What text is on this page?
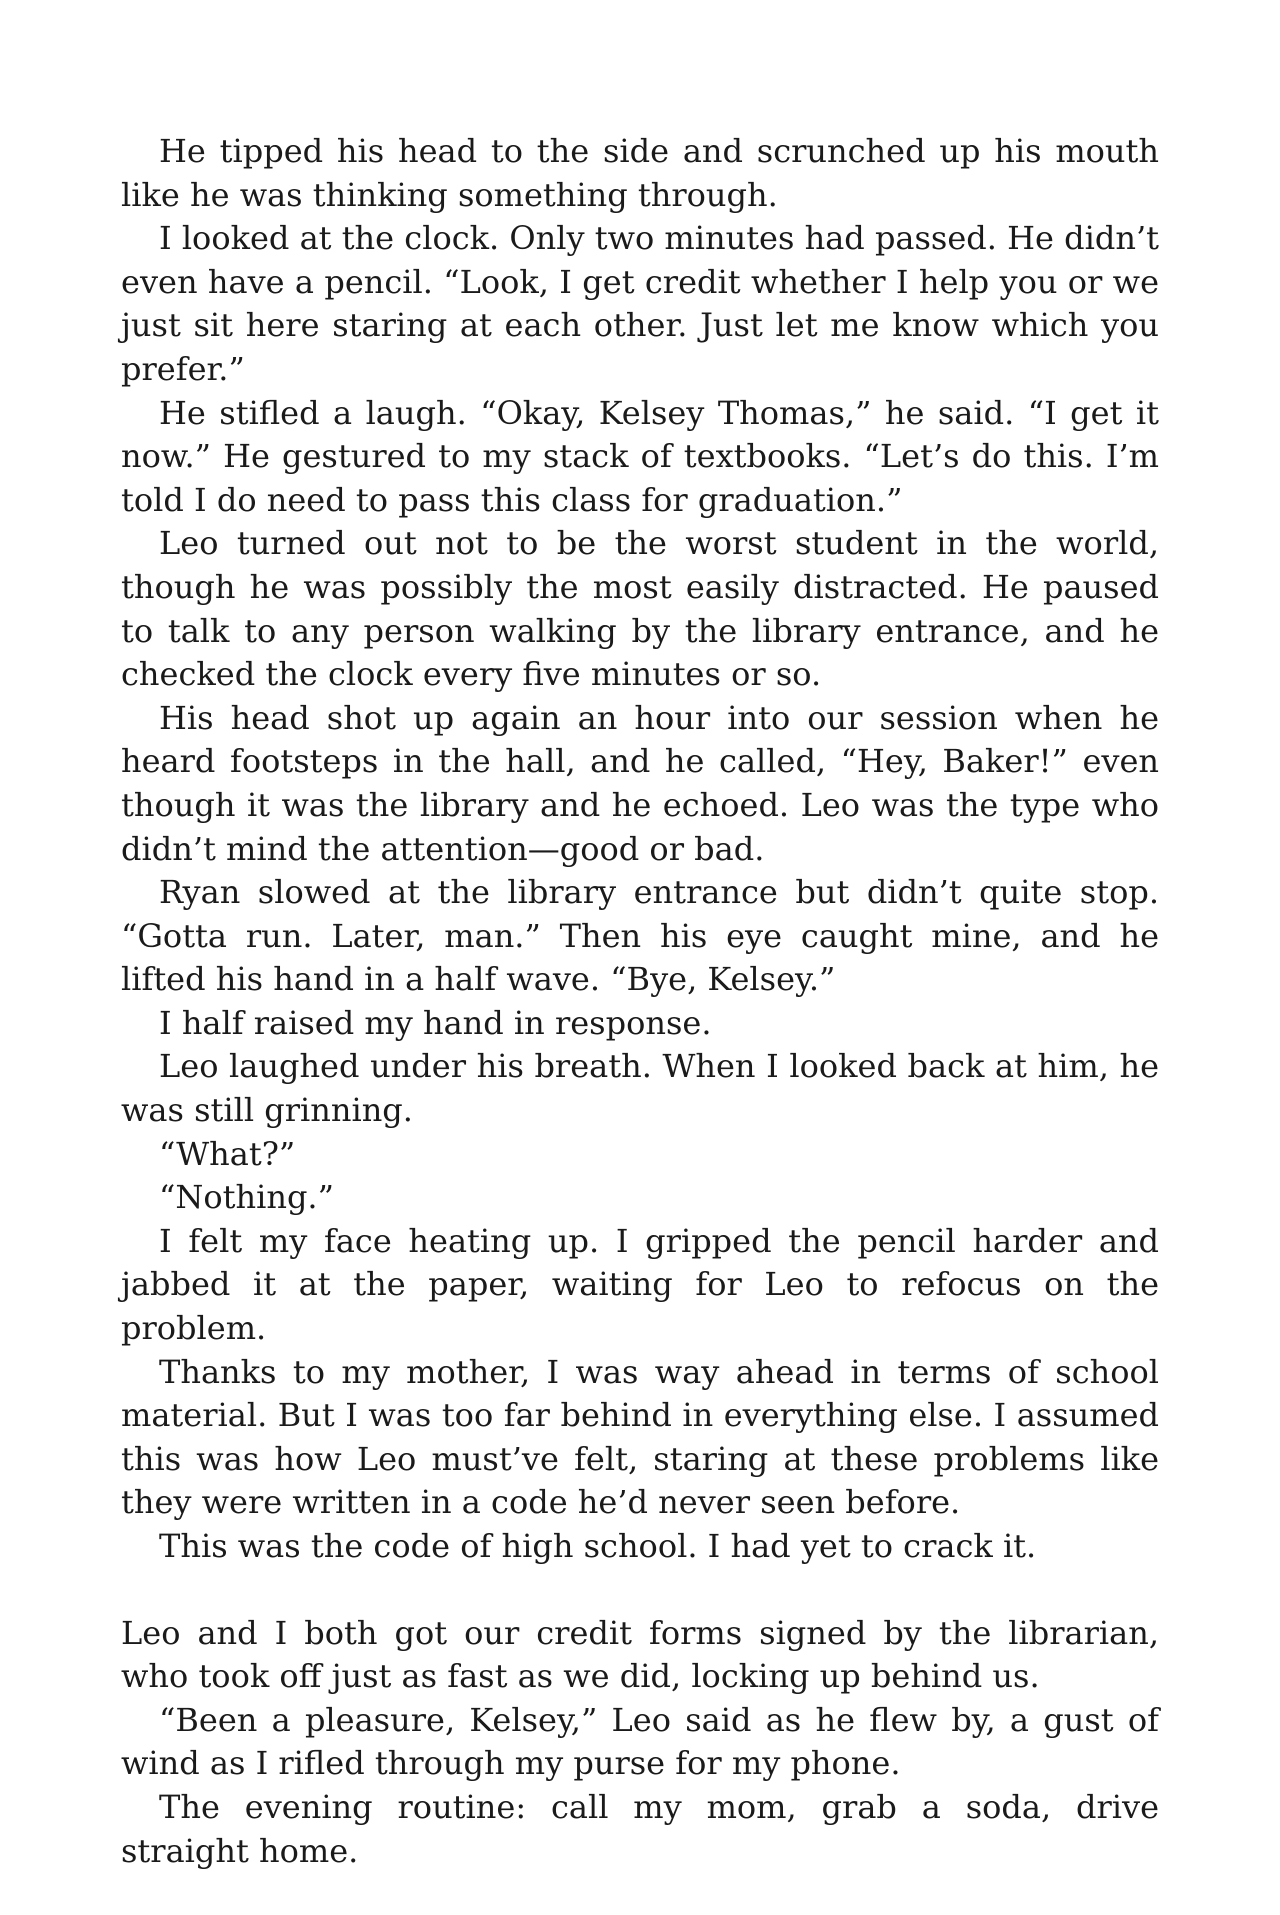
He tipped his head to the side and scrunched up his mouth like he was thinking something through.

I looked at the clock. Only two minutes had passed. He didn’t even have a pencil. “Look, I get credit whether I help you or we just sit here staring at each other. Just let me know which you prefer.”

He stifled a laugh. “Okay, Kelsey Thomas,” he said. “I get it now.” He gestured to my stack of textbooks. “Let’s do this. I’m told I do need to pass this class for graduation.”

Leo turned out not to be the worst student in the world, though he was possibly the most easily distracted. He paused to talk to any person walking by the library entrance, and he checked the clock every five minutes or so.

His head shot up again an hour into our session when he heard footsteps in the hall, and he called, “Hey, Baker!” even though it was the library and he echoed. Leo was the type who didn’t mind the attention—good or bad.

Ryan slowed at the library entrance but didn’t quite stop. “Gotta run. Later, man.” Then his eye caught mine, and he lifted his hand in a half wave. “Bye, Kelsey.”

I half raised my hand in response.

Leo laughed under his breath. When I looked back at him, he was still grinning.

“What?”

“Nothing.”

I felt my face heating up. I gripped the pencil harder and jabbed it at the paper, waiting for Leo to refocus on the problem.

Thanks to my mother, I was way ahead in terms of school material. But I was too far behind in everything else. I assumed this was how Leo must’ve felt, staring at these problems like they were written in a code he’d never seen before.

This was the code of high school. I had yet to crack it.

Leo and I both got our credit forms signed by the librarian, who took off just as fast as we did, locking up behind us.

“Been a pleasure, Kelsey,” Leo said as he flew by, a gust of wind as I rifled through my purse for my phone.

The evening routine: call my mom, grab a soda, drive straight home.
